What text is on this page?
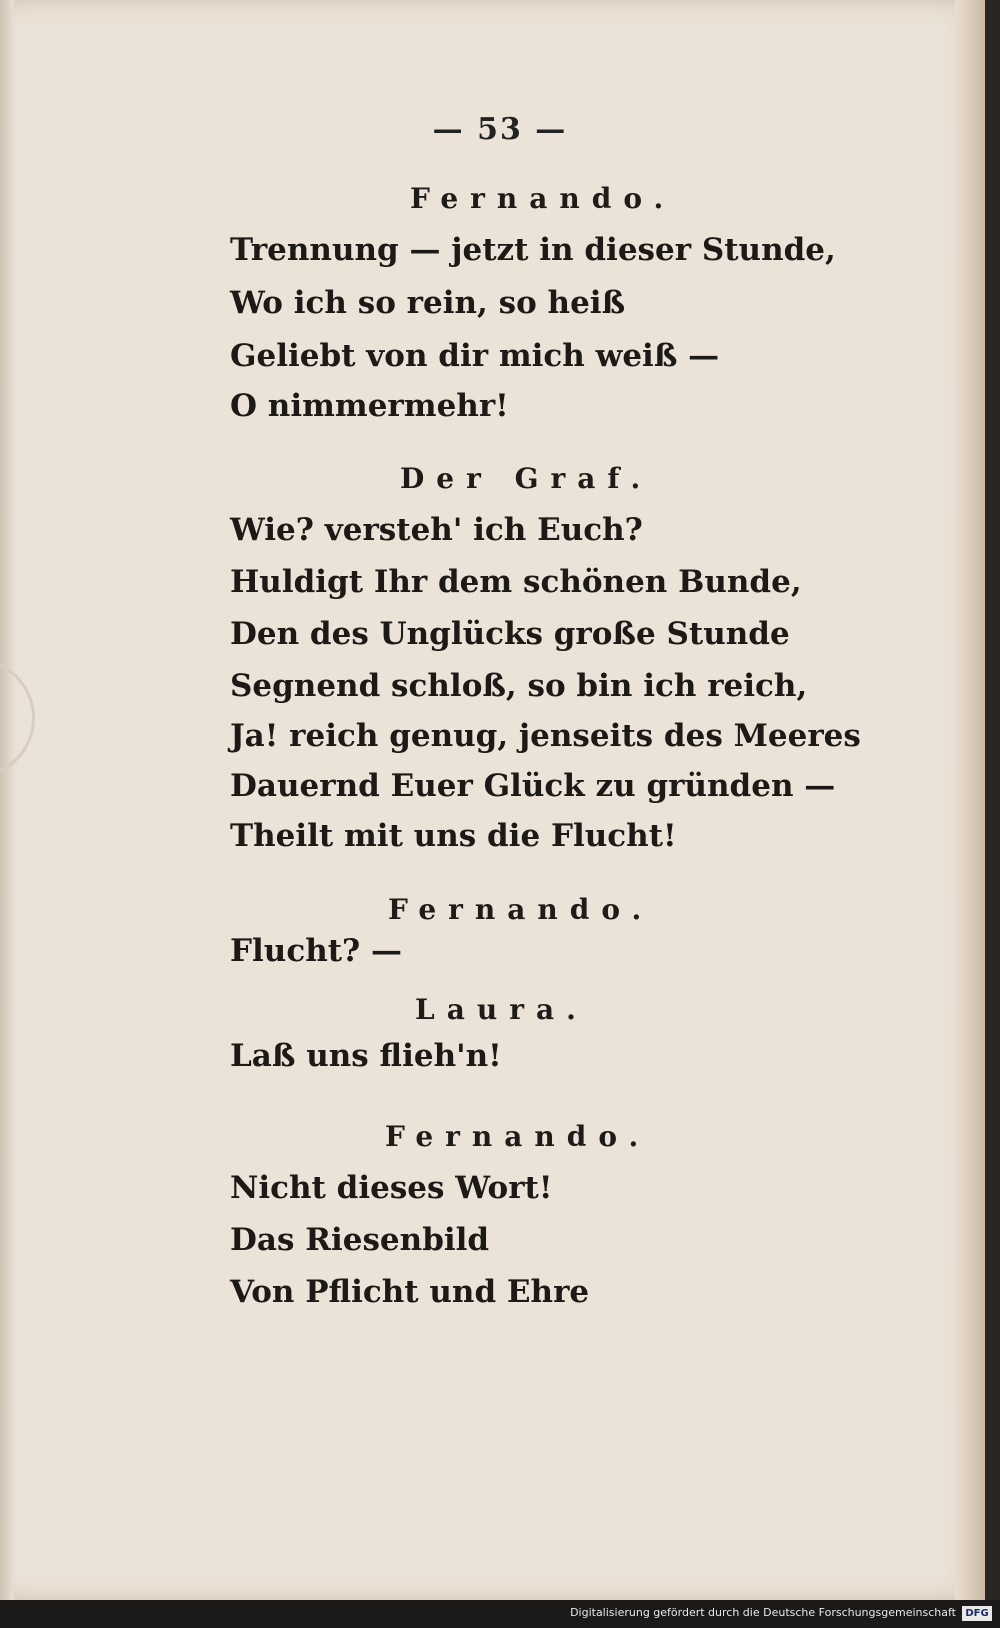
— 53 —
Fernando.
Trennung — jetzt in dieser Stunde,
Wo ich so rein, so heiß
Geliebt von dir mich weiß —
O nimmermehr!
Der Graf.
Wie? versteh' ich Euch?
Huldigt Ihr dem schönen Bunde,
Den des Unglücks große Stunde
Segnend schloß, so bin ich reich,
Ja! reich genug, jenseits des Meeres
Dauernd Euer Glück zu gründen —
Theilt mit uns die Flucht!
Fernando.
Flucht? —
Laura.
Laß uns flieh'n!
Fernando.
Nicht dieses Wort!
Das Riesenbild
Von Pflicht und Ehre
Digitalisierung gefördert durch die Deutsche Forschungsgemeinschaft DFG
